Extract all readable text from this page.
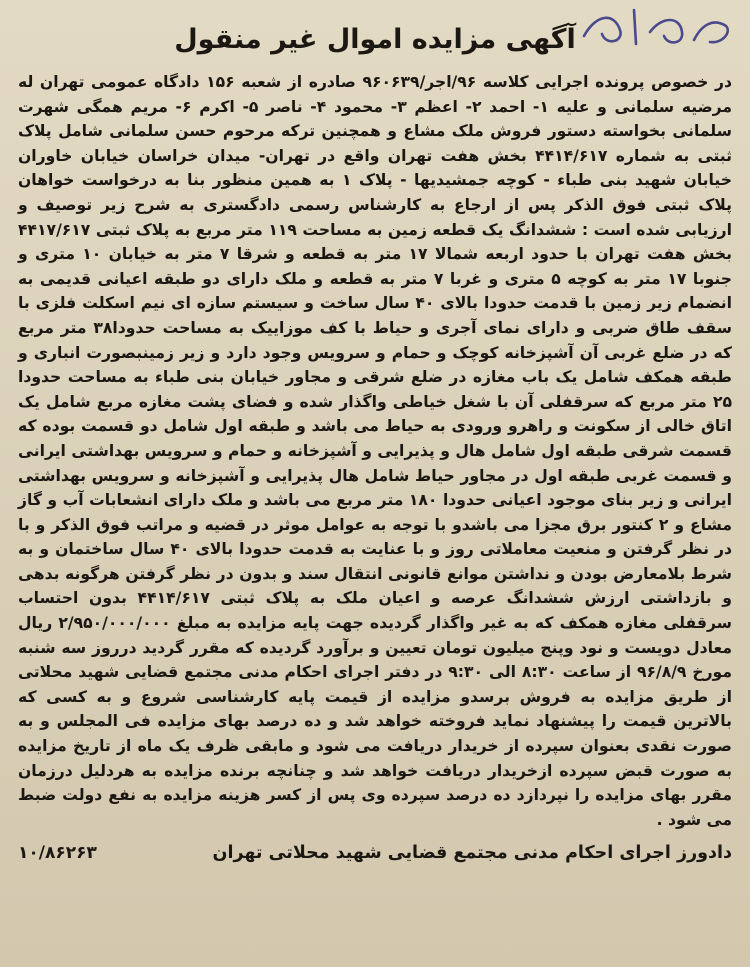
آگهی مزایده اموال غیر منقول
در خصوص پرونده اجرایی کلاسه ۹۶/اجر/۹۶۰۶۳۹ صادره از شعبه ۱۵۶ دادگاه عمومی تهران له مرضیه سلمانی و علیه ۱- احمد ۲- اعظم ۳- محمود ۴- ناصر ۵- اکرم ۶- مریم همگی شهرت سلمانی بخواسته دستور فروش ملک مشاع و همچنین ترکه مرحوم حسن سلمانی شامل پلاک ثبتی به شماره ۴۴۱۴/۶۱۷ بخش هفت تهران واقع در تهران- میدان خراسان خیابان خاوران خیابان شهید بنی طباء - کوچه جمشیدیها - پلاک ۱ به همین منظور بنا به درخواست خواهان پلاک ثبتی فوق الذکر پس از ارجاع به کارشناس رسمی دادگستری به شرح زیر توصیف و ارزیابی شده است : ششدانگ یک قطعه زمین به مساحت ۱۱۹ متر مربع به پلاک ثبتی ۴۴۱۷/۶۱۷ بخش هفت تهران با حدود اربعه شمالا ۱۷ متر به قطعه و شرقا ۷ متر به خیابان ۱۰ متری و جنوبا ۱۷ متر به کوچه ۵ متری و غربا ۷ متر به قطعه و ملک دارای دو طبقه اعیانی قدیمی به انضمام زیر زمین با قدمت حدودا بالای ۴۰ سال ساخت و سیستم سازه ای نیم اسکلت فلزی با سقف طاق ضربی و دارای نمای آجری و حیاط با کف موزاییک به مساحت حدودا۳۸ متر مربع که در ضلع غربی آن آشپزخانه کوچک و حمام و سرویس وجود دارد و زیر زمینبصورت انباری و طبقه همکف شامل یک باب مغازه در ضلع شرقی و مجاور خیابان بنی طباء به مساحت حدودا ۲۵ متر مربع که سرقفلی آن با شغل خیاطی واگذار شده و فضای پشت مغازه مربع شامل یک اتاق خالی از سکونت و راهرو ورودی به حیاط می باشد و طبقه اول شامل دو قسمت بوده که قسمت شرقی طبقه اول شامل هال و پذیرایی و آشپزخانه و حمام و سرویس بهداشتی ایرانی و قسمت غربی طبقه اول در مجاور حیاط شامل هال پذیرایی و آشپزخانه و سرویس بهداشتی ایرانی و زیر بنای موجود اعیانی حدودا ۱۸۰ متر مربع می باشد و ملک دارای انشعابات آب و گاز مشاع و ۲ کنتور برق مجزا می باشدو با توجه به عوامل موثر در قضیه و مراتب فوق الذکر و با در نظر گرفتن و منعیت معاملاتی روز و با عنایت به قدمت حدودا بالای ۴۰ سال ساختمان و به شرط بلامعارض بودن و نداشتن موانع قانونی انتقال سند و بدون در نظر گرفتن هرگونه بدهی و بازداشتی ارزش ششدانگ عرصه و اعیان ملک به پلاک ثبتی ۴۴۱۴/۶۱۷ بدون احتساب سرقفلی مغازه همکف که به غیر واگذار گردیده جهت پایه مزایده به مبلغ ۲/۹۵۰/۰۰۰/۰۰۰ ریال معادل دویست و نود وپنج میلیون تومان تعیین و برآورد گردیده که مقرر گردید درروز سه شنبه مورخ ۹۶/۸/۹ از ساعت ۸:۳۰ الی ۹:۳۰ در دفتر اجرای احکام مدنی مجتمع قضایی شهید محلاتی از طریق مزایده به فروش برسدو مزایده از قیمت پایه کارشناسی شروع و به کسی که بالاترین قیمت را پیشنهاد نماید فروخته خواهد شد و ده درصد بهای مزایده فی المجلس و به صورت نقدی بعنوان سپرده از خریدار دریافت می شود و مابقی ظرف یک ماه از تاریخ مزایده به صورت قبض سپرده ازخریدار دریافت خواهد شد و چنانچه برنده مزایده به هردلیل درزمان مقرر بهای مزایده را نپردازد ده درصد سپرده وی پس از کسر هزینه مزایده به نفع دولت ضبط می شود .
دادورز اجرای احکام مدنی مجتمع قضایی شهید محلاتی تهران
۱۰/۸۶۲۶۳
